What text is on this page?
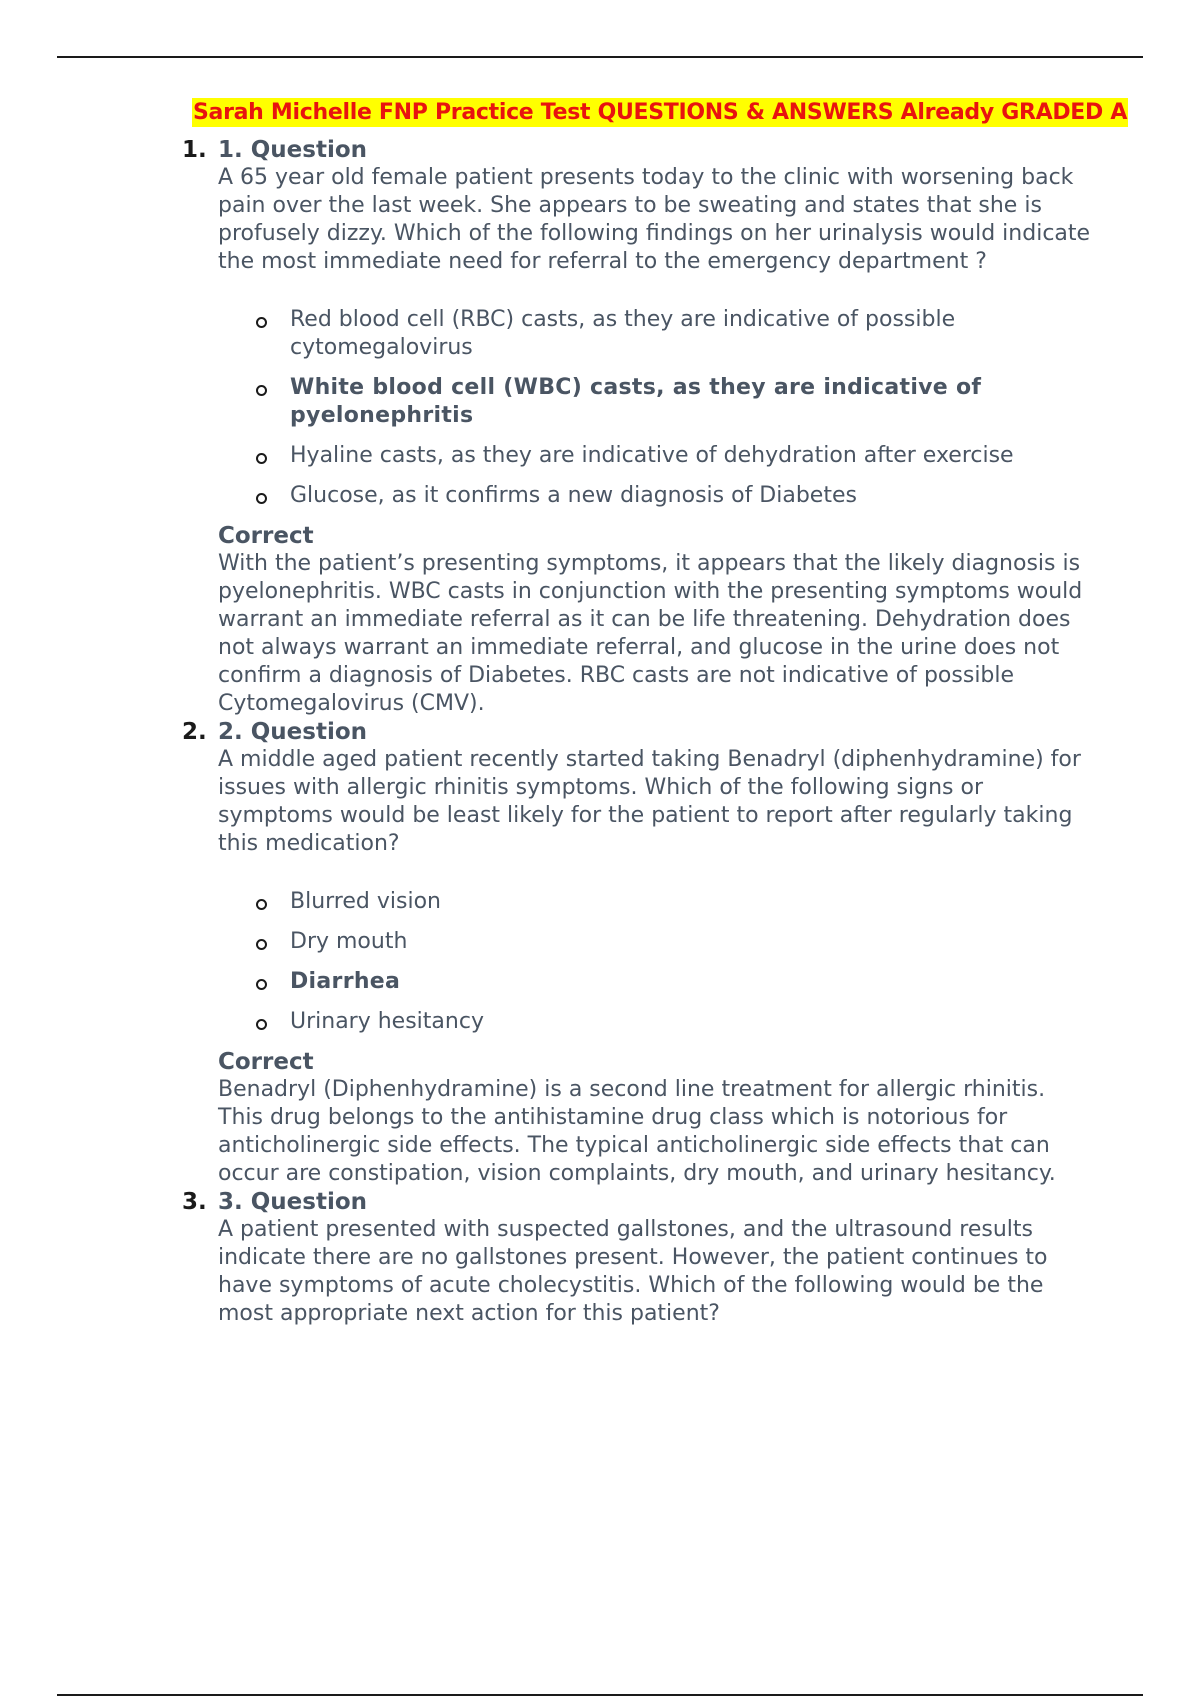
Sarah Michelle FNP Practice Test QUESTIONS & ANSWERS Already GRADED A
1. 1. Question

A 65 year old female patient presents today to the clinic with worsening back pain over the last week. She appears to be sweating and states that she is profusely dizzy. Which of the following findings on her urinalysis would indicate the most immediate need for referral to the emergency department ?

Red blood cell (RBC) casts, as they are indicative of possible cytomegalovirus
White blood cell (WBC) casts, as they are indicative of pyelonephritis
Hyaline casts, as they are indicative of dehydration after exercise
Glucose, as it confirms a new diagnosis of Diabetes
Correct

With the patient’s presenting symptoms, it appears that the likely diagnosis is pyelonephritis. WBC casts in conjunction with the presenting symptoms would warrant an immediate referral as it can be life threatening. Dehydration does not always warrant an immediate referral, and glucose in the urine does not confirm a diagnosis of Diabetes. RBC casts are not indicative of possible Cytomegalovirus (CMV).

2. 2. Question

A middle aged patient recently started taking Benadryl (diphenhydramine) for issues with allergic rhinitis symptoms. Which of the following signs or symptoms would be least likely for the patient to report after regularly taking this medication?

Blurred vision
Dry mouth
Diarrhea
Urinary hesitancy
Correct

Benadryl (Diphenhydramine) is a second line treatment for allergic rhinitis. This drug belongs to the antihistamine drug class which is notorious for anticholinergic side effects. The typical anticholinergic side effects that can occur are constipation, vision complaints, dry mouth, and urinary hesitancy.

3. 3. Question

A patient presented with suspected gallstones, and the ultrasound results indicate there are no gallstones present. However, the patient continues to have symptoms of acute cholecystitis. Which of the following would be the most appropriate next action for this patient?
